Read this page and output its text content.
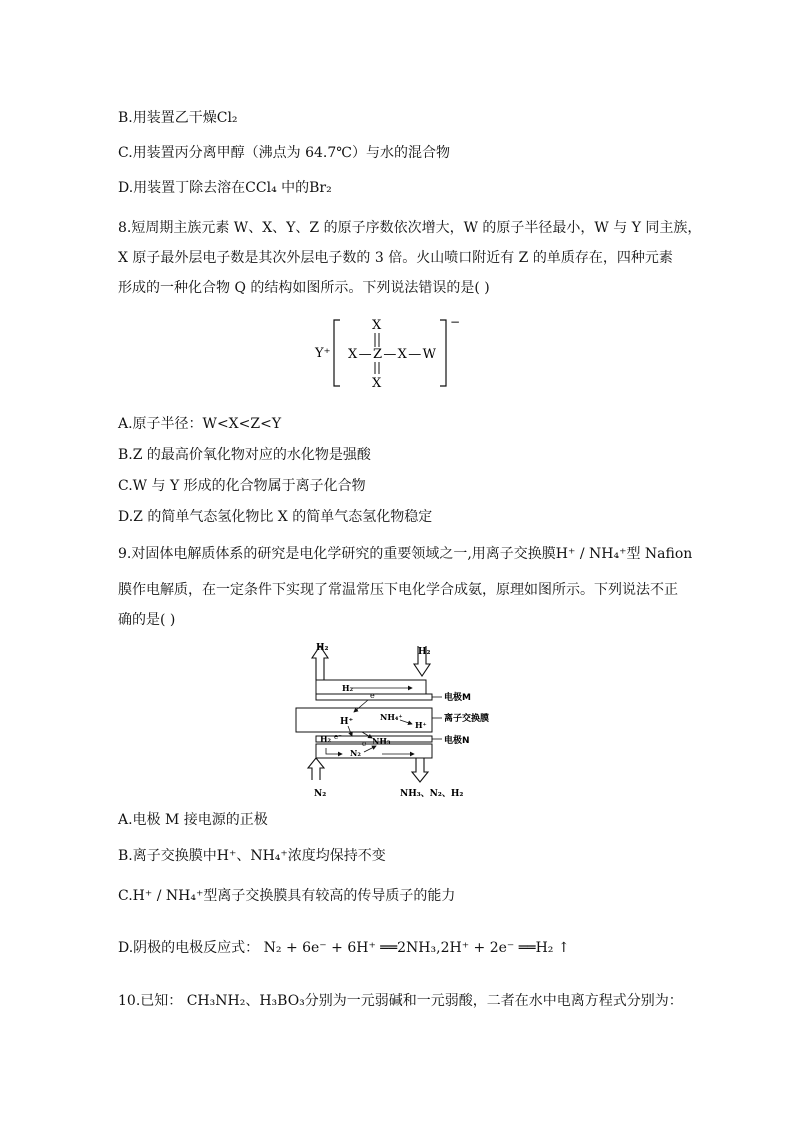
B.用装置乙干燥Cl₂
C.用装置丙分离甲醇（沸点为 64.7℃）与水的混合物
D.用装置丁除去溶在CCl₄ 中的Br₂
8.短周期主族元素 W、X、Y、Z 的原子序数依次增大，W 的原子半径最小，W 与 Y 同主族，
X 原子最外层电子数是其次外层电子数的 3 倍。火山喷口附近有 Z 的单质存在，四种元素
形成的一种化合物 Q 的结构如图所示。下列说法错误的是( )
Y⁺
−
X
X—Z—X—W
X
A.原子半径：W<X<Z<Y
B.Z 的最高价氧化物对应的水化物是强酸
C.W 与 Y 形成的化合物属于离子化合物
D.Z 的简单气态氢化物比 X 的简单气态氢化物稳定
9.对固体电解质体系的研究是电化学研究的重要领域之一,用离子交换膜H⁺ / NH₄⁺型 Nafion
膜作电解质，在一定条件下实现了常温常压下电化学合成氨，原理如图所示。下列说法不正
确的是( )
H₂	H₂
H₂
电极M
离子交换膜
e⁻
H⁺	NH₄⁺
H⁺
电极N
H₂ e⁻
e NH₃
N₂
N₂	NH₃、N₂、H₂
A.电极 M 接电源的正极
B.离子交换膜中H⁺、NH₄⁺浓度均保持不变
C.H⁺ / NH₄⁺型离子交换膜具有较高的传导质子的能力
D.阴极的电极反应式： N₂ + 6e⁻ + 6H⁺ ══2NH₃,2H⁺ + 2e⁻ ══H₂ ↑
10.已知： CH₃NH₂、H₃BO₃分别为一元弱碱和一元弱酸，二者在水中电离方程式分别为：
